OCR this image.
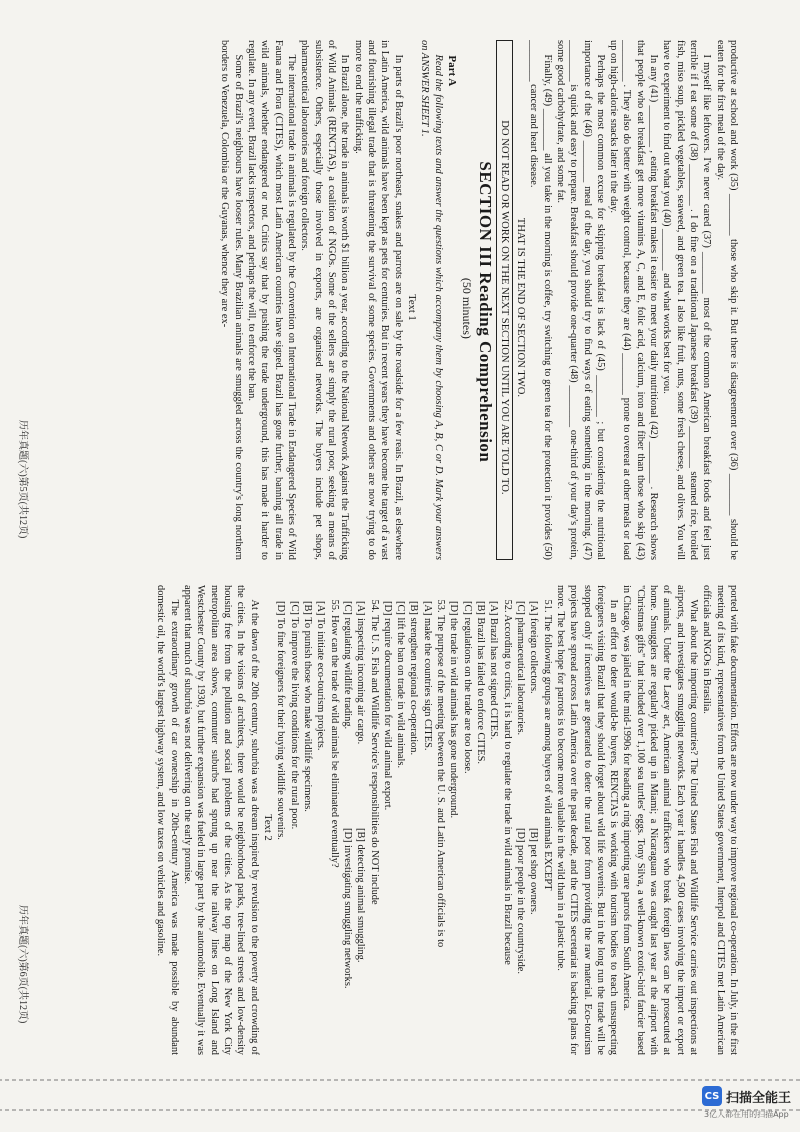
productive at school and work (35) ________ those who skip it. But there is disagreement over (36) ________ should be eaten for the first meal of the day.

I myself like leftovers. I've never cared (37) ________ most of the common American breakfast foods and feel just terrible if I eat some of (38) ________ . I do fine on a traditional Japanese breakfast (39) ________ steamed rice, broiled fish, miso soup, pickled vegetables, seaweed, and green tea. I also like fruit, nuts, some fresh cheese, and olives. You will have to experiment to find out what you (40) ________ and what works best for you.

In any (41) ________ , eating breakfast makes it easier to meet your daily nutritional (42) ________ . Research shows that people who eat breakfast get more vitamins A, C, and E, folic acid, calcium, iron and fiber than those who skip (43) ________ . They also do better with weight control, because they are (44) ________ prone to overeat at other meals or load up on high-calorie snacks later in the day.

Perhaps the most common excuse for skipping breakfast is lack of (45) ________ ; but considering the nutritional importance of the (46) ________ meal of the day, you should try to find ways of eating something in the morning. (47) ________ is quick and easy to prepare. Breakfast should provide one-quarter (48) ________ one-third of your day's protein, some good carbohydrate, and some fat.

Finally, (49) ________ all you take in the morning is coffee, try switching to green tea for the protection it provides (50) ________ cancer and heart disease.

THAT IS THE END OF SECTION TWO.

DO NOT READ OR WORK ON THE NEXT SECTION UNTIL YOU ARE TOLD TO.

SECTION III Reading Comprehension

(50 minutes)

Part A

Read the following texts and answer the questions which accompany them by choosing A, B, C or D. Mark your answers on ANSWER SHEET 1.

Text 1

In parts of Brazil's poor northeast, snakes and parrots are on sale by the roadside for a few reais. In Brazil, as elsewhere in Latin America, wild animals have been kept as pets for centuries. But in recent years they have become the target of a vast and flourishing illegal trade that is threatening the survival of some species. Governments and others are now trying to do more to end the trafficking.

In Brazil alone, the trade in animals is worth $1 billion a year, according to the National Network Against the Trafficking of Wild Animals (RENCTAS), a coalition of NGOs. Some of the sellers are simply the rural poor, seeking a means of subsistence. Others, especially those involved in exports, are organised networks. The buyers include pet shops, pharmaceutical laboratories and foreign collectors.

The international trade in animals is regulated by the Convention on International Trade in Endangered Species of Wild Fauna and Flora (CITES), which most Latin American countries have signed. Brazil has gone further, banning all trade in wild animals, whether endangered or not. Critics say that by pushing the trade underground, this has made it harder to regulate. In any event, Brazil lacks inspectors, and perhaps the will, to enforce the ban.

Some of Brazil's neighbours have looser rules. Many Brazilian animals are smuggled across the country's long northern borders to Venezuela, Colombia or the Guyanas, whence they are ex-

历年真题(六)第5页(共12页)

ported with fake documentation. Efforts are now under way to improve regional co-operation. In July, in the first meeting of its kind, representatives from the United States government, Interpol and CITES met Latin American officials and NGOs in Brasilia.

What about the importing countries? The United States Fish and Wildlife Service carries out inspections at airports, and investigates smuggling networks. Each year it handles 4,500 cases involving the import or export of animals. Under the Lacey act, American animal traffickers who break foreign laws can be prosecuted at home. Smugglers are regularly picked up in Miami; a Nicaraguan was caught last year at the airport with "Christmas gifts" that included over 1,100 sea turtles' eggs. Tony Silva, a well-known exotic-bird fancier based in Chicago, was jailed in the mid-1990s for heading a ring importing rare parrots from South America.

In an effort to deter would-be buyers, RENCTAS is working with tourism bodies to teach unsuspecting foreigners visiting Brazil that they should forget about wild life souvenirs. But in the long run the trade will be stopped only if incentives are generated to deter the rural poor from providing the raw material. Eco-tourism projects have spread across Latin America over the past decade, and the CITES secretariat is backing plans for more. The best hope for parrots is to become more valuable in the wild than in a plastic tube.

51. The following groups are among buyers of wild animals EXCEPT

[A] foreign collectors.
[B] pet shop owners.
[C] pharmaceutical laboratories.
[D] poor people in the countryside.

52. According to critics, it is hard to regulate the trade in wild animals in Brazil because

[A] Brazil has not signed CITES.
[B] Brazil has failed to enforce CITES.
[C] regulations on the trade are too loose.
[D] the trade in wild animals has gone underground.

53. The purpose of the meeting between the U. S. and Latin American officials is to

[A] make the countries sign CITES.
[B] strengthen regional co-operation.
[C] lift the ban on trade in wild animals.
[D] require documentation for wild animal export.

54. The U. S. Fish and Wildlife Service's responsibilities do NOT include

[A] inspecting incoming air cargo.
[B] detecting animal smuggling.
[C] regulating wildlife trading.
[D] investigating smuggling networks.

55. How can the trade of wild animals be eliminated eventually?

[A] To initiate eco-tourism projects.
[B] To punish those who make wildlife specimens.
[C] To improve the living conditions for the rural poor.
[D] To fine foreigners for their buying wildlife souvenirs.

Text 2

At the dawn of the 20th century, suburbia was a dream inspired by revulsion to the poverty and crowding of the cities. In the visions of architects, there would be neighborhood parks, tree-lined streets and low-density housing free from the pollution and social problems of the cities. As the top map of the New York City metropolitan area shows, commuter suburbs had sprung up near the railway lines on Long Island and Westchester County by 1930, but further expansion was fueled in large part by the automobile. Eventually it was apparent that much of suburbia was not delivering on the early promise.

The extraordinary growth of car ownership in 20th-century America was made possible by abundant domestic oil, the world's largest highway system, and low taxes on vehicles and gasoline.

历年真题(六)第6页(共12页)
CS 扫描全能王
3亿人都在用的扫描App
